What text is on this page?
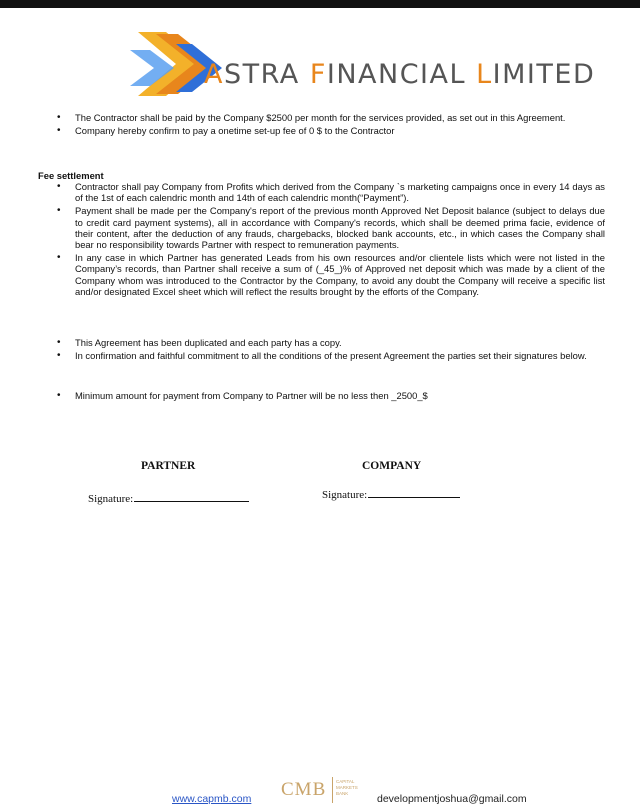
ASTRA FINANCIAL LIMITED
• The Contractor shall be paid by the Company $2500 per month for the services provided, as set out in this Agreement.
• Company hereby confirm to pay a onetime set-up fee of 0 $ to the Contractor
Fee settlement
• Contractor shall pay Company from Profits which derived from the Company `s marketing campaigns once in every 14 days as of the 1st of each calendric month and 14th of each calendric month(“Payment”).
• Payment shall be made per the Company's report of the previous month Approved Net Deposit balance (subject to delays due to credit card payment systems), all in accordance with Company's records, which shall be deemed prima facie, evidence of their content, after the deduction of any frauds, chargebacks, blocked bank accounts, etc., in which cases the Company shall bear no responsibility towards Partner with respect to remuneration payments.
• In any case in which Partner has generated Leads from his own resources and/or clientele lists which were not listed in the Company’s records, than Partner shall receive a sum of (_45_)% of Approved net deposit which was made by a client of the Company whom was introduced to the Contractor by the Company, to avoid any doubt the Company will receive a specific list and/or designated Excel sheet which will reflect the results brought by the efforts of the Company.
• This Agreement has been duplicated and each party has a copy.
• In confirmation and faithful commitment to all the conditions of the present Agreement the parties set their signatures below.
• Minimum amount for payment from Company to Partner will be no less then _2500_$
PARTNER	COMPANY
Signature:	Signature:
www.capmb.com CMB CAPITAL
MARKETS
BANK	developmentjoshua@gmail.com
